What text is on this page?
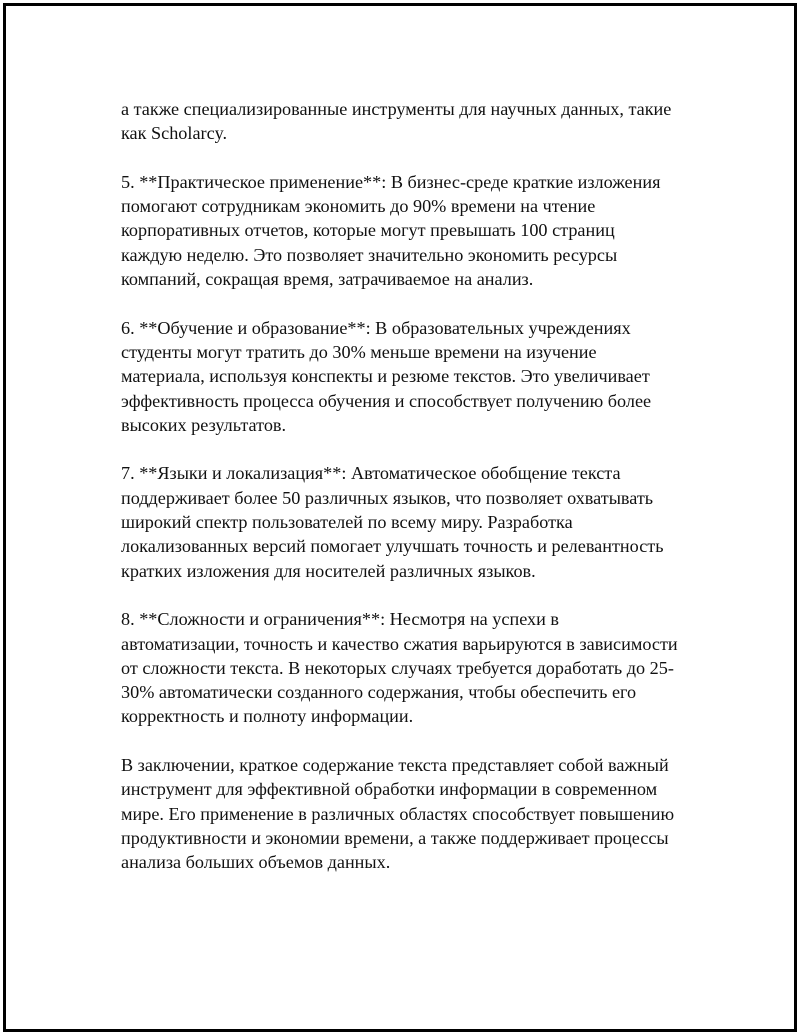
а также специализированные инструменты для научных данных, такие
как Scholarcy.

5. **Практическое применение**: В бизнес-среде краткие изложения
помогают сотрудникам экономить до 90% времени на чтение
корпоративных отчетов, которые могут превышать 100 страниц
каждую неделю. Это позволяет значительно экономить ресурсы
компаний, сокращая время, затрачиваемое на анализ.

6. **Обучение и образование**: В образовательных учреждениях
студенты могут тратить до 30% меньше времени на изучение
материала, используя конспекты и резюме текстов. Это увеличивает
эффективность процесса обучения и способствует получению более
высоких результатов.

7. **Языки и локализация**: Автоматическое обобщение текста
поддерживает более 50 различных языков, что позволяет охватывать
широкий спектр пользователей по всему миру. Разработка
локализованных версий помогает улучшать точность и релевантность
кратких изложения для носителей различных языков.

8. **Сложности и ограничения**: Несмотря на успехи в
автоматизации, точность и качество сжатия варьируются в зависимости
от сложности текста. В некоторых случаях требуется доработать до 25-
30% автоматически созданного содержания, чтобы обеспечить его
корректность и полноту информации.

В заключении, краткое содержание текста представляет собой важный
инструмент для эффективной обработки информации в современном
мире. Его применение в различных областях способствует повышению
продуктивности и экономии времени, а также поддерживает процессы
анализа больших объемов данных.
